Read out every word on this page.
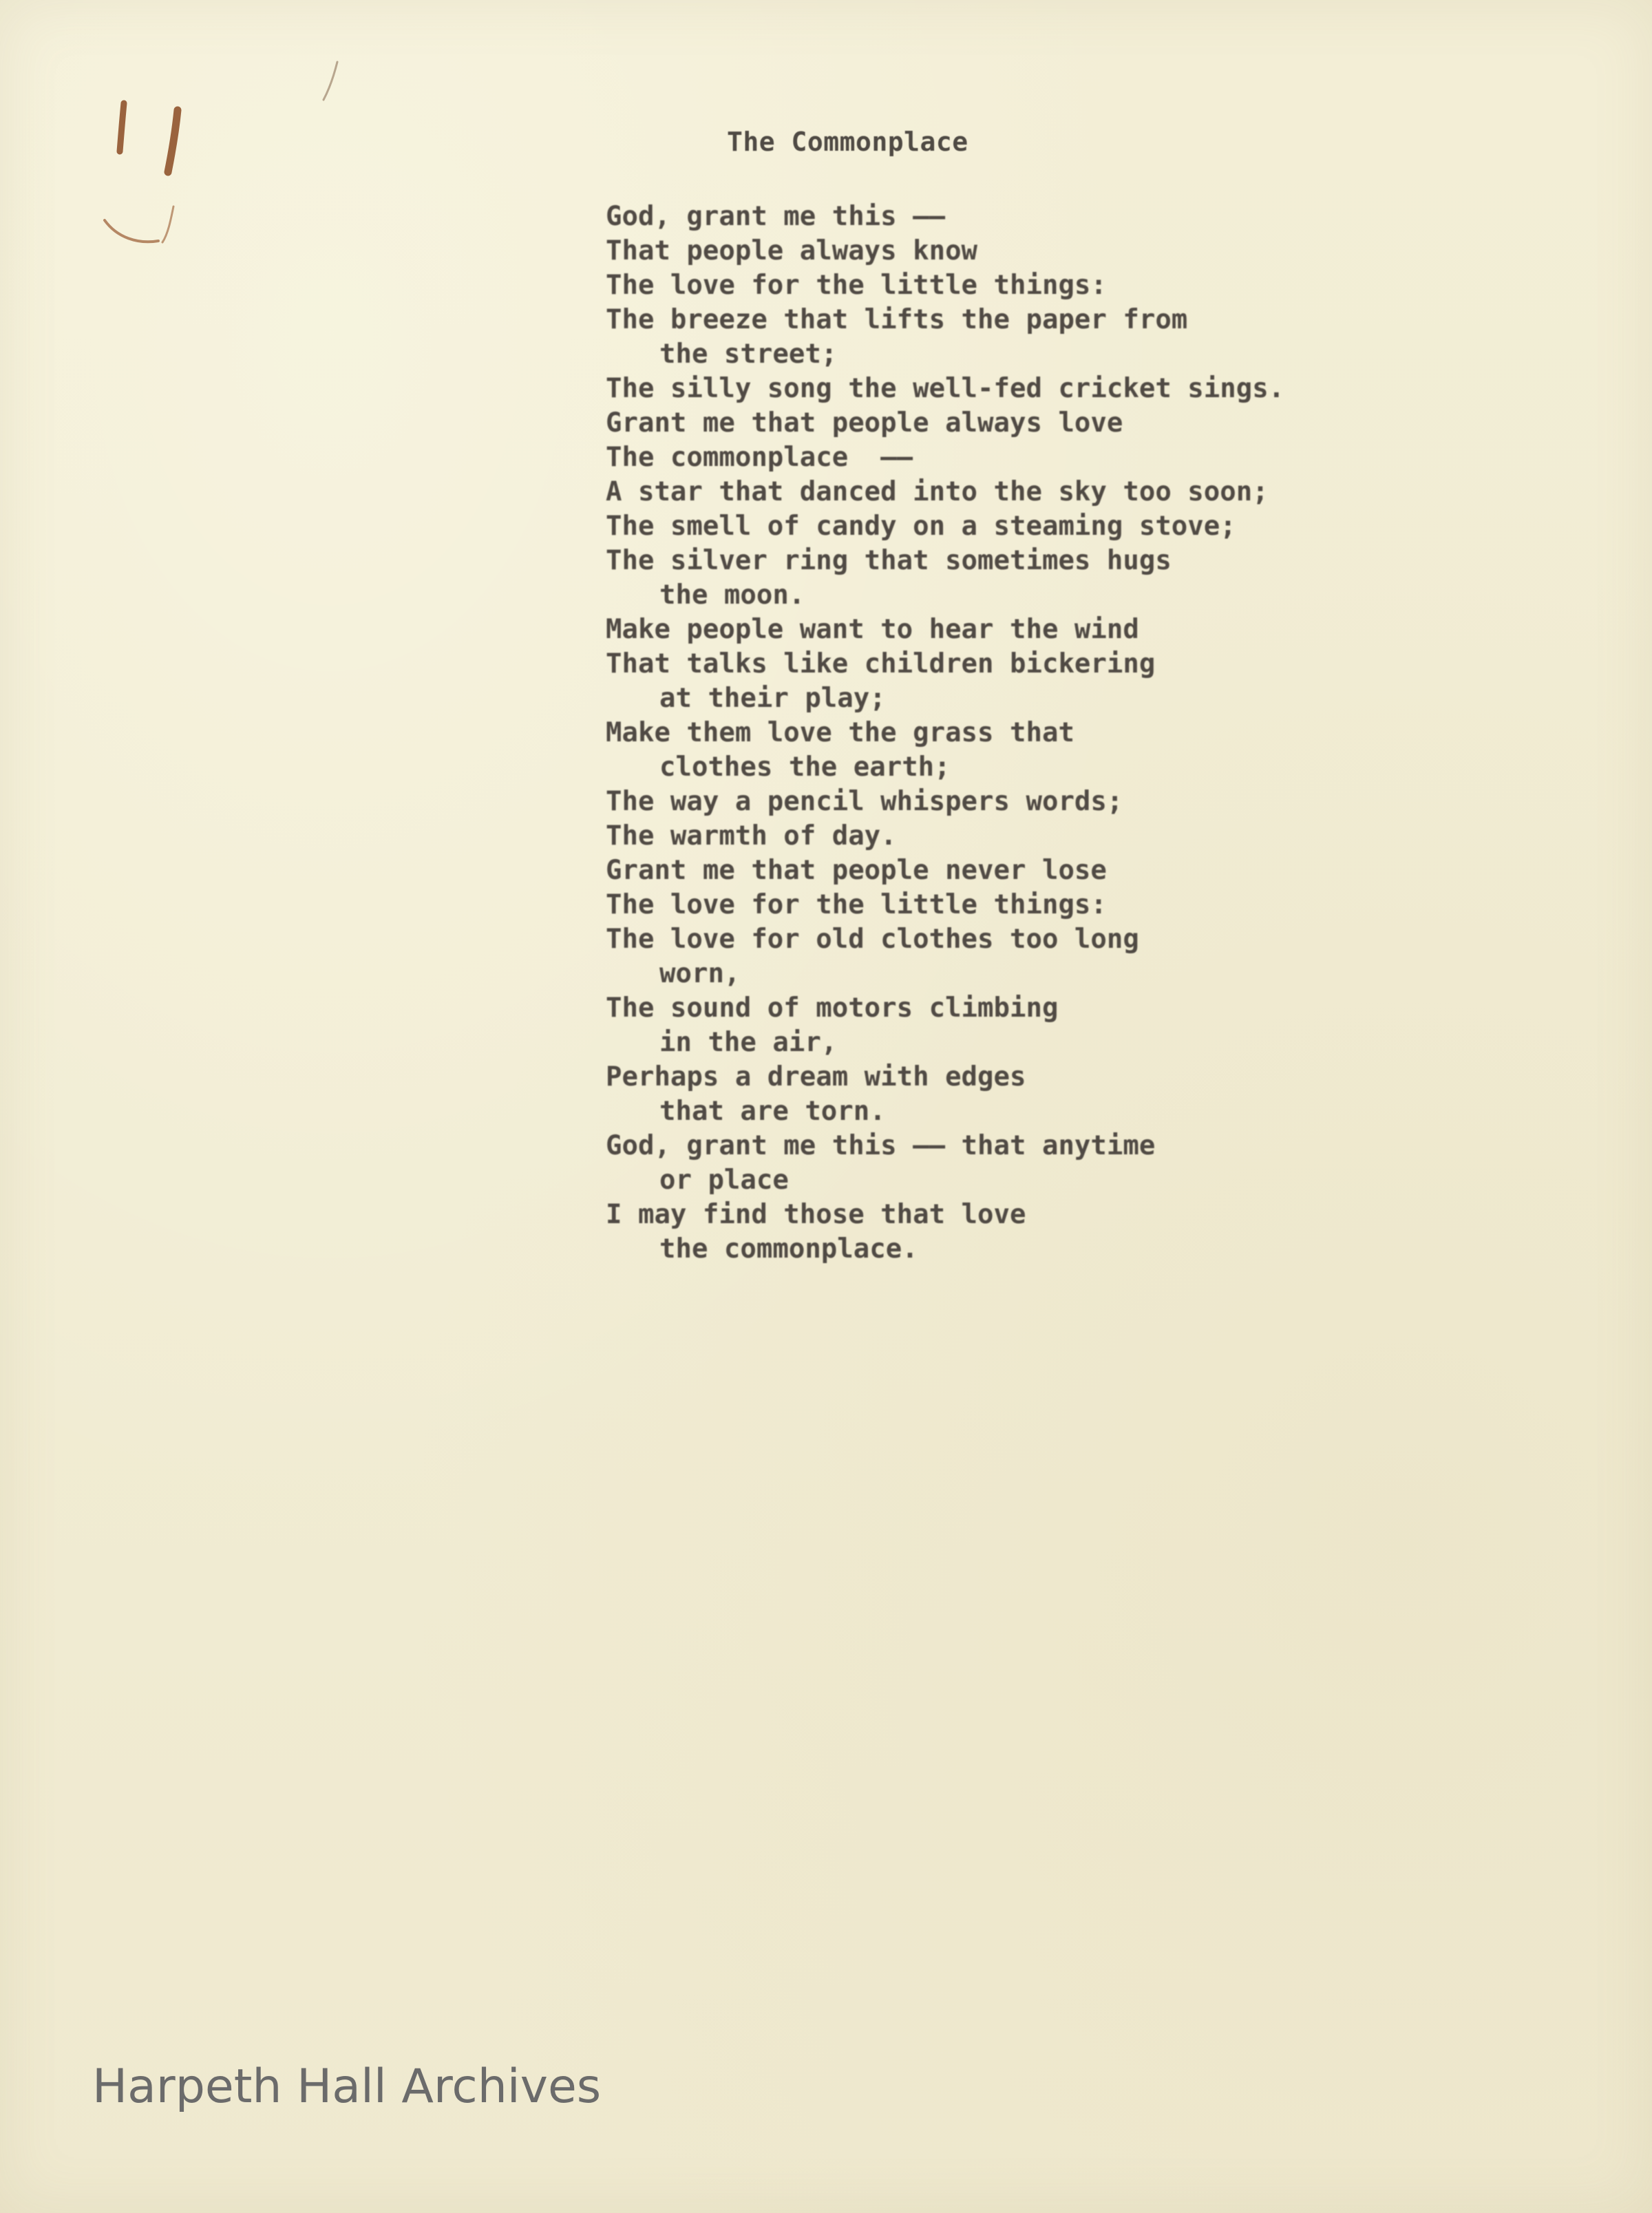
The Commonplace
God, grant me this ——
That people always know
The love for the little things:
The breeze that lifts the paper from
the street;
The silly song the well-fed cricket sings.
Grant me that people always love
The commonplace  ——
A star that danced into the sky too soon;
The smell of candy on a steaming stove;
The silver ring that sometimes hugs
the moon.
Make people want to hear the wind
That talks like children bickering
at their play;
Make them love the grass that
clothes the earth;
The way a pencil whispers words;
The warmth of day.
Grant me that people never lose
The love for the little things:
The love for old clothes too long
worn,
The sound of motors climbing
in the air,
Perhaps a dream with edges
that are torn.
God, grant me this —— that anytime
or place
I may find those that love
the commonplace.
Harpeth Hall Archives
